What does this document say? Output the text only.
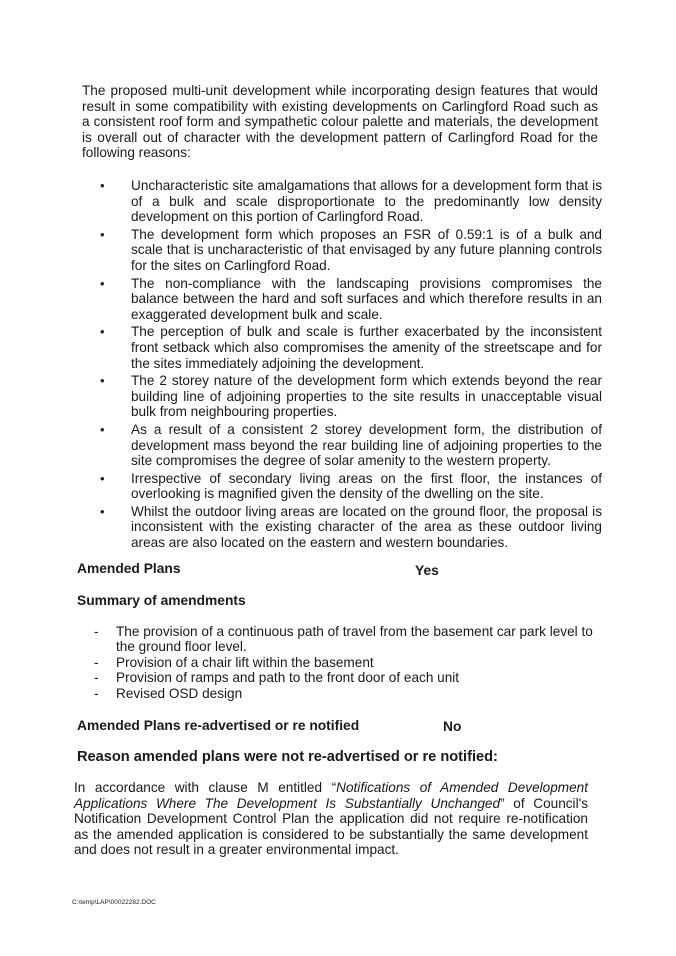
The proposed multi-unit development while incorporating design features that would result in some compatibility with existing developments on Carlingford Road such as a consistent roof form and sympathetic colour palette and materials, the development is overall out of character with the development pattern of Carlingford Road for the following reasons:

• Uncharacteristic site amalgamations that allows for a development form that is of a bulk and scale disproportionate to the predominantly low density development on this portion of Carlingford Road.
• The development form which proposes an FSR of 0.59:1 is of a bulk and scale that is uncharacteristic of that envisaged by any future planning controls for the sites on Carlingford Road.
• The non-compliance with the landscaping provisions compromises the balance between the hard and soft surfaces and which therefore results in an exaggerated development bulk and scale.
• The perception of bulk and scale is further exacerbated by the inconsistent front setback which also compromises the amenity of the streetscape and for the sites immediately adjoining the development.
• The 2 storey nature of the development form which extends beyond the rear building line of adjoining properties to the site results in unacceptable visual bulk from neighbouring properties.
• As a result of a consistent 2 storey development form, the distribution of development mass beyond the rear building line of adjoining properties to the site compromises the degree of solar amenity to the western property.
• Irrespective of secondary living areas on the first floor, the instances of overlooking is magnified given the density of the dwelling on the site.
• Whilst the outdoor living areas are located on the ground floor, the proposal is inconsistent with the existing character of the area as these outdoor living areas are also located on the eastern and western boundaries.

Amended Plans	Yes

Summary of amendments

- The provision of a continuous path of travel from the basement car park level to the ground floor level.
- Provision of a chair lift within the basement
- Provision of ramps and path to the front door of each unit
- Revised OSD design

Amended Plans re-advertised or re notified	No

Reason amended plans were not re-advertised or re notified:

In accordance with clause M entitled “Notifications of Amended Development Applications Where The Development Is Substantially Unchanged” of Council's Notification Development Control Plan the application did not require re-notification as the amended application is considered to be substantially the same development and does not result in a greater environmental impact.

C:\temp\LAP\00022282.DOC
